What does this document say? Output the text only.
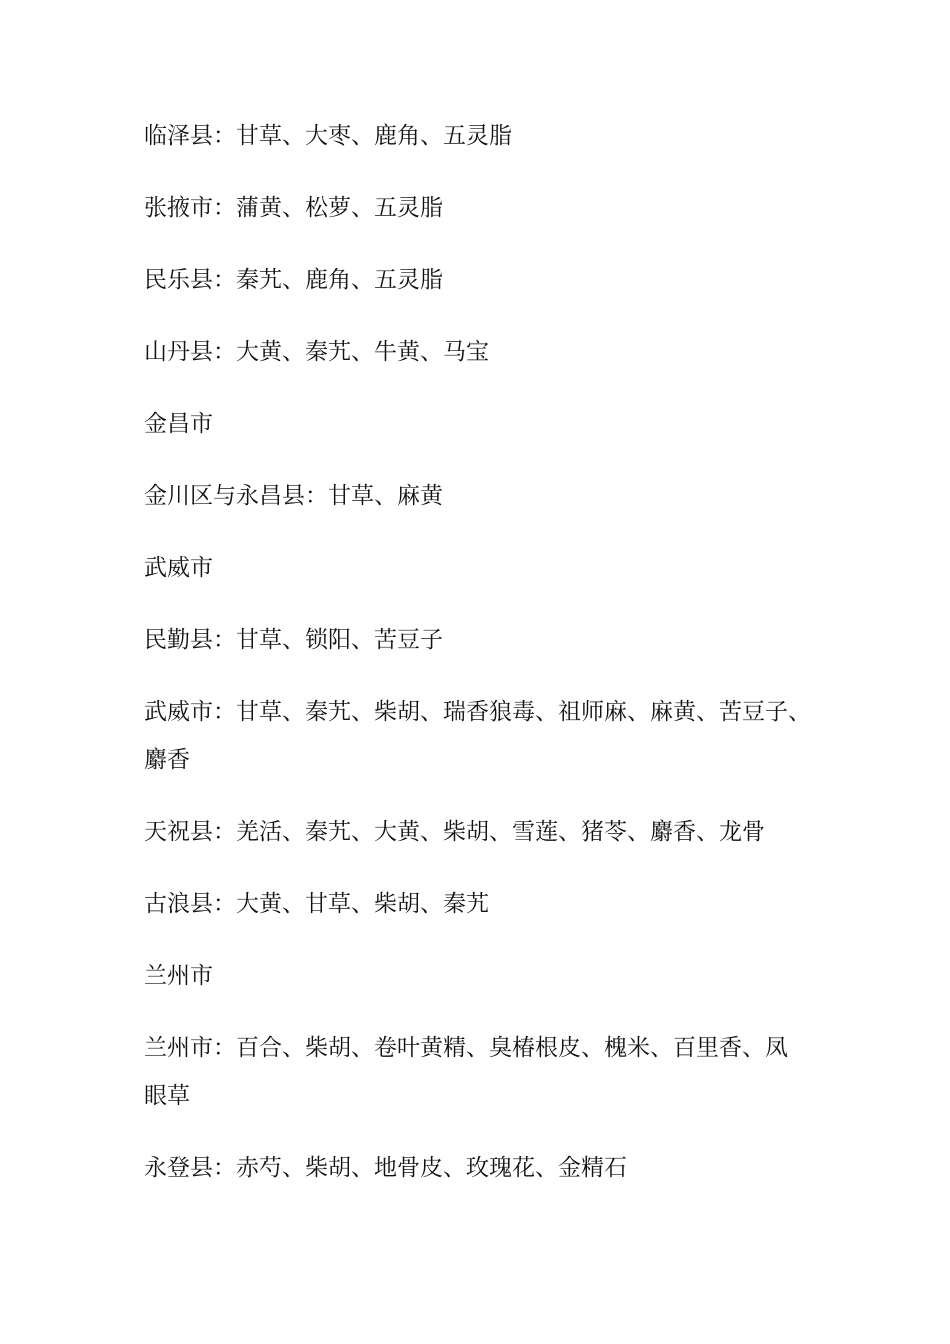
临泽县：甘草、大枣、鹿角、五灵脂
张掖市：蒲黄、松萝、五灵脂
民乐县：秦艽、鹿角、五灵脂
山丹县：大黄、秦艽、牛黄、马宝
金昌市
金川区与永昌县：甘草、麻黄
武威市
民勤县：甘草、锁阳、苦豆子
武威市：甘草、秦艽、柴胡、瑞香狼毒、祖师麻、麻黄、苦豆子、
麝香
天祝县：羌活、秦艽、大黄、柴胡、雪莲、猪苓、麝香、龙骨
古浪县：大黄、甘草、柴胡、秦艽
兰州市
兰州市：百合、柴胡、卷叶黄精、臭椿根皮、槐米、百里香、凤
眼草
永登县：赤芍、柴胡、地骨皮、玫瑰花、金精石
